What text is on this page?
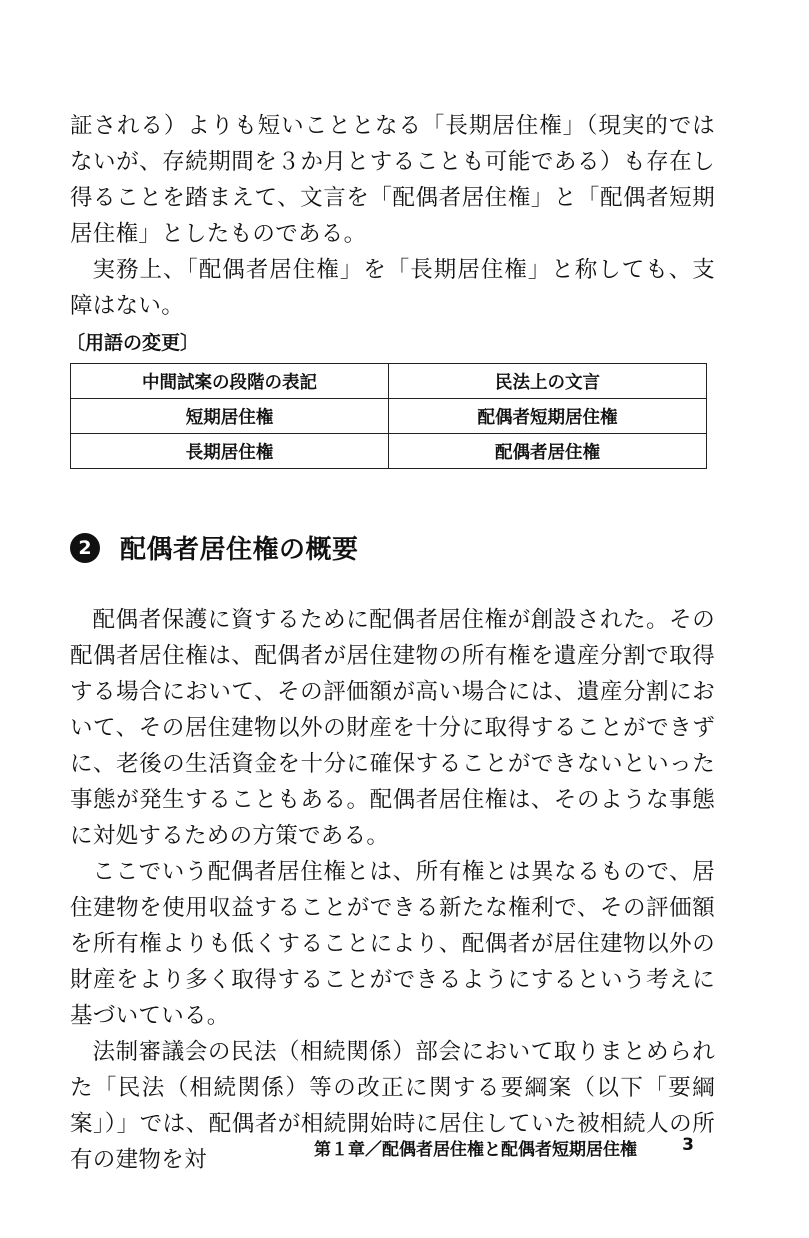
証される）よりも短いこととなる「長期居住権」（現実的ではないが、存続期間を３か月とすることも可能である）も存在し得ることを踏まえて、文言を「配偶者居住権」と「配偶者短期居住権」としたものである。

実務上、「配偶者居住権」を「長期居住権」と称しても、支障はない。

〔用語の変更〕
中間試案の段階の表記	民法上の文言
短期居住権	配偶者短期居住権
長期居住権	配偶者居住権
2	配偶者居住権の概要

配偶者保護に資するために配偶者居住権が創設された。その配偶者居住権は、配偶者が居住建物の所有権を遺産分割で取得する場合において、その評価額が高い場合には、遺産分割において、その居住建物以外の財産を十分に取得することができずに、老後の生活資金を十分に確保することができないといった事態が発生することもある。配偶者居住権は、そのような事態に対処するための方策である。

ここでいう配偶者居住権とは、所有権とは異なるもので、居住建物を使用収益することができる新たな権利で、その評価額を所有権よりも低くすることにより、配偶者が居住建物以外の財産をより多く取得することができるようにするという考えに基づいている。

法制審議会の民法（相続関係）部会において取りまとめられた「民法（相続関係）等の改正に関する要綱案（以下「要綱案」）」では、配偶者が相続開始時に居住していた被相続人の所有の建物を対	第１章／配偶者居住権と配偶者短期居住権	3
